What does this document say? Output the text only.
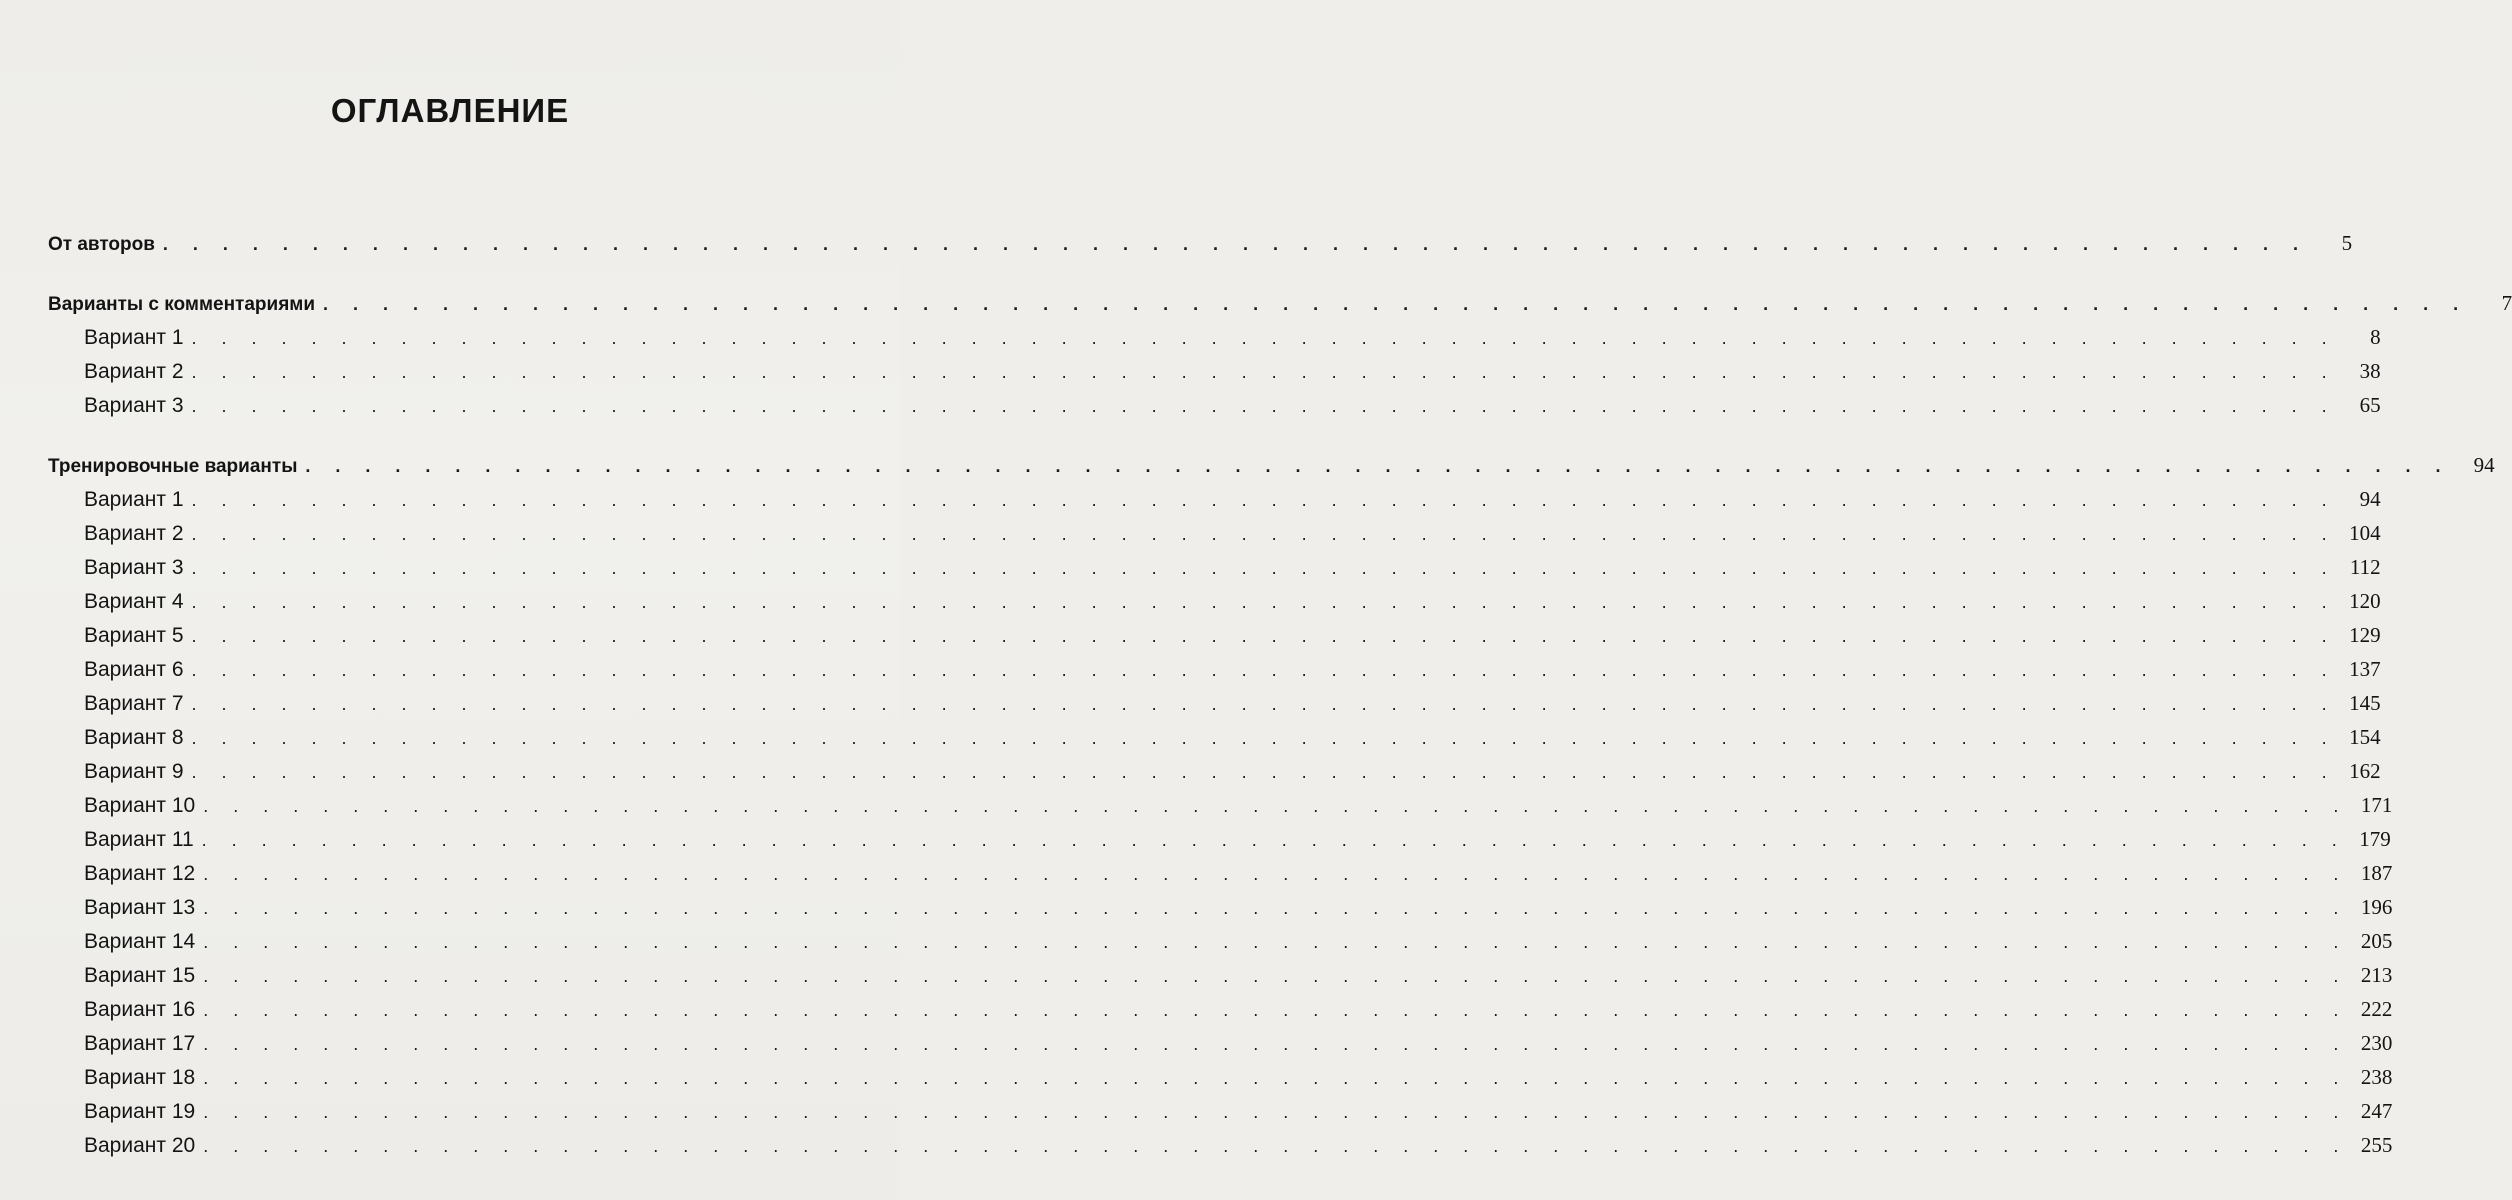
ОГЛАВЛЕНИЕ
От авторов . . . . . . . . . . . . . . . . . . . . . . . . . . . . . . . . . . . . . . . . . . . . . . . . . . . . . . . . . . . . . . . . . . . . . . . .	5
Варианты с комментариями . . . . . . . . . . . . . . . . . . . . . . . . . . . . . . . . . . . . . . . . . . . . . . . . . . . . . . . . . . . . . . . . . . . . . . . .	7
Вариант 1 . . . . . . . . . . . . . . . . . . . . . . . . . . . . . . . . . . . . . . . . . . . . . . . . . . . . . . . . . . . . . . . . . . . . . . . .	8
Вариант 2 . . . . . . . . . . . . . . . . . . . . . . . . . . . . . . . . . . . . . . . . . . . . . . . . . . . . . . . . . . . . . . . . . . . . . . . .	38
Вариант 3 . . . . . . . . . . . . . . . . . . . . . . . . . . . . . . . . . . . . . . . . . . . . . . . . . . . . . . . . . . . . . . . . . . . . . . . .	65
Тренировочные варианты . . . . . . . . . . . . . . . . . . . . . . . . . . . . . . . . . . . . . . . . . . . . . . . . . . . . . . . . . . . . . . . . . . . . . . . .	94
Вариант 1 . . . . . . . . . . . . . . . . . . . . . . . . . . . . . . . . . . . . . . . . . . . . . . . . . . . . . . . . . . . . . . . . . . . . . . . .	94
Вариант 2 . . . . . . . . . . . . . . . . . . . . . . . . . . . . . . . . . . . . . . . . . . . . . . . . . . . . . . . . . . . . . . . . . . . . . . . . 104
Вариант 3 . . . . . . . . . . . . . . . . . . . . . . . . . . . . . . . . . . . . . . . . . . . . . . . . . . . . . . . . . . . . . . . . . . . . . . . . 112
Вариант 4 . . . . . . . . . . . . . . . . . . . . . . . . . . . . . . . . . . . . . . . . . . . . . . . . . . . . . . . . . . . . . . . . . . . . . . . . 120
Вариант 5 . . . . . . . . . . . . . . . . . . . . . . . . . . . . . . . . . . . . . . . . . . . . . . . . . . . . . . . . . . . . . . . . . . . . . . . . 129
Вариант 6 . . . . . . . . . . . . . . . . . . . . . . . . . . . . . . . . . . . . . . . . . . . . . . . . . . . . . . . . . . . . . . . . . . . . . . . . 137
Вариант 7 . . . . . . . . . . . . . . . . . . . . . . . . . . . . . . . . . . . . . . . . . . . . . . . . . . . . . . . . . . . . . . . . . . . . . . . . 145
Вариант 8 . . . . . . . . . . . . . . . . . . . . . . . . . . . . . . . . . . . . . . . . . . . . . . . . . . . . . . . . . . . . . . . . . . . . . . . . 154
Вариант 9 . . . . . . . . . . . . . . . . . . . . . . . . . . . . . . . . . . . . . . . . . . . . . . . . . . . . . . . . . . . . . . . . . . . . . . . . 162
Вариант 10 . . . . . . . . . . . . . . . . . . . . . . . . . . . . . . . . . . . . . . . . . . . . . . . . . . . . . . . . . . . . . . . . . . . . . . . . 171
Вариант 11 . . . . . . . . . . . . . . . . . . . . . . . . . . . . . . . . . . . . . . . . . . . . . . . . . . . . . . . . . . . . . . . . . . . . . . . . 179
Вариант 12 . . . . . . . . . . . . . . . . . . . . . . . . . . . . . . . . . . . . . . . . . . . . . . . . . . . . . . . . . . . . . . . . . . . . . . . . 187
Вариант 13 . . . . . . . . . . . . . . . . . . . . . . . . . . . . . . . . . . . . . . . . . . . . . . . . . . . . . . . . . . . . . . . . . . . . . . . . 196
Вариант 14 . . . . . . . . . . . . . . . . . . . . . . . . . . . . . . . . . . . . . . . . . . . . . . . . . . . . . . . . . . . . . . . . . . . . . . . . 205
Вариант 15 . . . . . . . . . . . . . . . . . . . . . . . . . . . . . . . . . . . . . . . . . . . . . . . . . . . . . . . . . . . . . . . . . . . . . . . . 213
Вариант 16 . . . . . . . . . . . . . . . . . . . . . . . . . . . . . . . . . . . . . . . . . . . . . . . . . . . . . . . . . . . . . . . . . . . . . . . . 222
Вариант 17 . . . . . . . . . . . . . . . . . . . . . . . . . . . . . . . . . . . . . . . . . . . . . . . . . . . . . . . . . . . . . . . . . . . . . . . . 230
Вариант 18 . . . . . . . . . . . . . . . . . . . . . . . . . . . . . . . . . . . . . . . . . . . . . . . . . . . . . . . . . . . . . . . . . . . . . . . . 238
Вариант 19 . . . . . . . . . . . . . . . . . . . . . . . . . . . . . . . . . . . . . . . . . . . . . . . . . . . . . . . . . . . . . . . . . . . . . . . . 247
Вариант 20 . . . . . . . . . . . . . . . . . . . . . . . . . . . . . . . . . . . . . . . . . . . . . . . . . . . . . . . . . . . . . . . . . . . . . . . . 255
